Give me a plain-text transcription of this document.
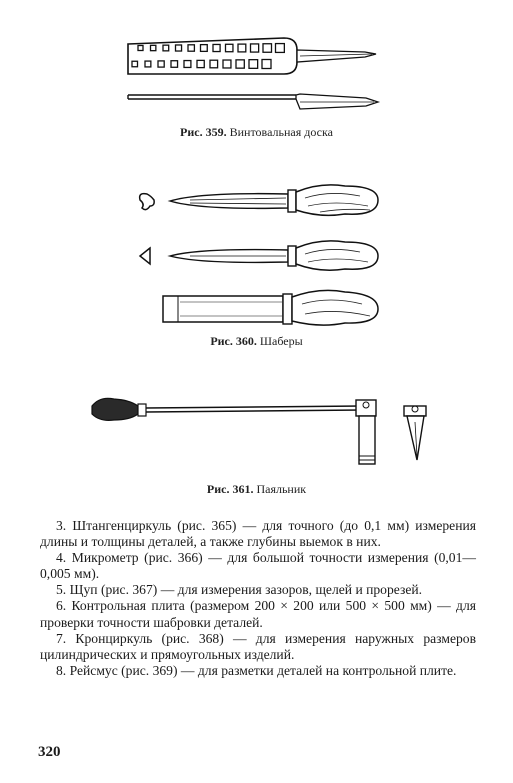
Рис. 359. Винтовальная доска
Рис. 360. Шаберы
Рис. 361. Паяльник

3. Штангенциркуль (рис. 365) — для точного (до 0,1 мм) измерения длины и толщины деталей, а также глубины выемок в них.

4. Микрометр (рис. 366) — для большой точности измерения (0,01—0,005 мм).

5. Щуп (рис. 367) — для измерения зазоров, щелей и прорезей.

6. Контрольная плита (размером 200 × 200 или 500 × 500 мм) — для проверки точности шабровки деталей.

7. Кронциркуль (рис. 368) — для измерения наружных размеров цилиндрических и прямоугольных изделий.

8. Рейсмус (рис. 369) — для разметки деталей на контрольной плите.

320
